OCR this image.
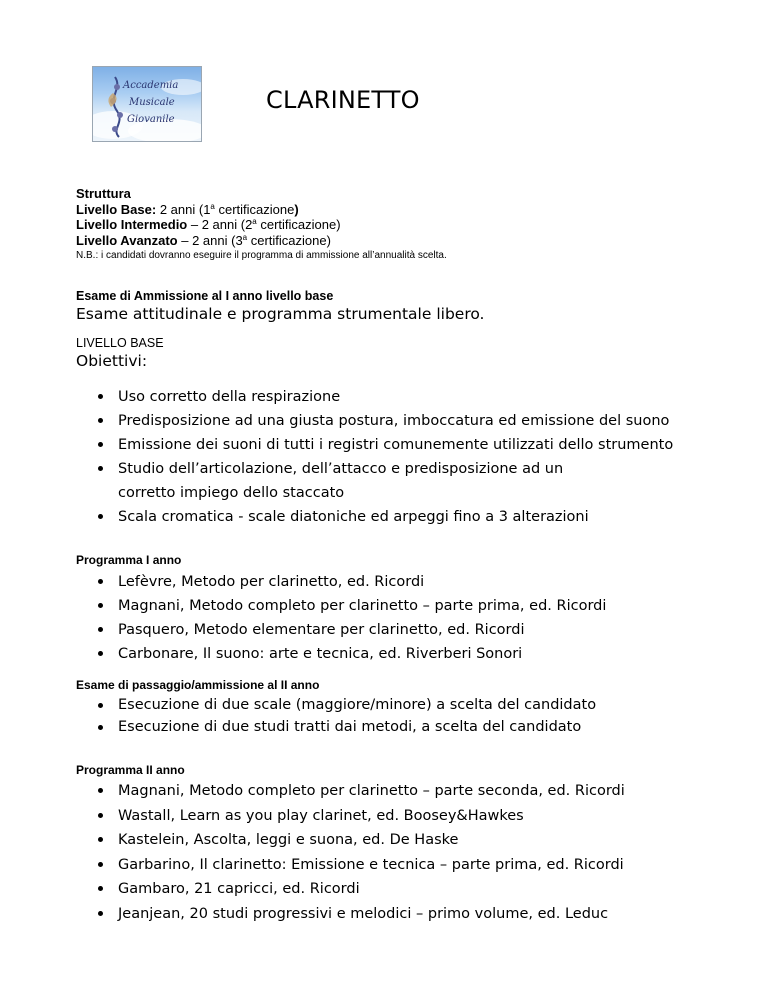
Accademia
Musicale
Giovanile
CLARINETTO
Struttura
Livello Base: 2 anni (1$^a$ certificazione)
Livello Intermedio – 2 anni (2$^a$ certificazione)
Livello Avanzato – 2 anni (3$^a$ certificazione)
N.B.: i candidati dovranno eseguire il programma di ammissione all’annualità scelta.
Esame di Ammissione al I anno livello base
Esame attitudinale e programma strumentale libero.
LIVELLO BASE
Obiettivi:
Uso corretto della respirazione
Predisposizione ad una giusta postura, imboccatura ed emissione del suono
Emissione dei suoni di tutti i registri comunemente utilizzati dello strumento
Studio dell’articolazione, dell’attacco e predisposizione ad un corretto impiego dello staccato
Scala cromatica - scale diatoniche ed arpeggi fino a 3 alterazioni
Programma I anno
Lefèvre, Metodo per clarinetto, ed. Ricordi
Magnani, Metodo completo per clarinetto – parte prima, ed. Ricordi
Pasquero, Metodo elementare per clarinetto, ed. Ricordi
Carbonare, Il suono: arte e tecnica, ed. Riverberi Sonori
Esame di passaggio/ammissione al II anno
Esecuzione di due scale (maggiore/minore) a scelta del candidato
Esecuzione di due studi tratti dai metodi, a scelta del candidato
Programma II anno
Magnani, Metodo completo per clarinetto – parte seconda, ed. Ricordi
Wastall, Learn as you play clarinet, ed. Boosey&Hawkes
Kastelein, Ascolta, leggi e suona, ed. De Haske
Garbarino, Il clarinetto: Emissione e tecnica – parte prima, ed. Ricordi
Gambaro, 21 capricci, ed. Ricordi
Jeanjean, 20 studi progressivi e melodici – primo volume, ed. Leduc
